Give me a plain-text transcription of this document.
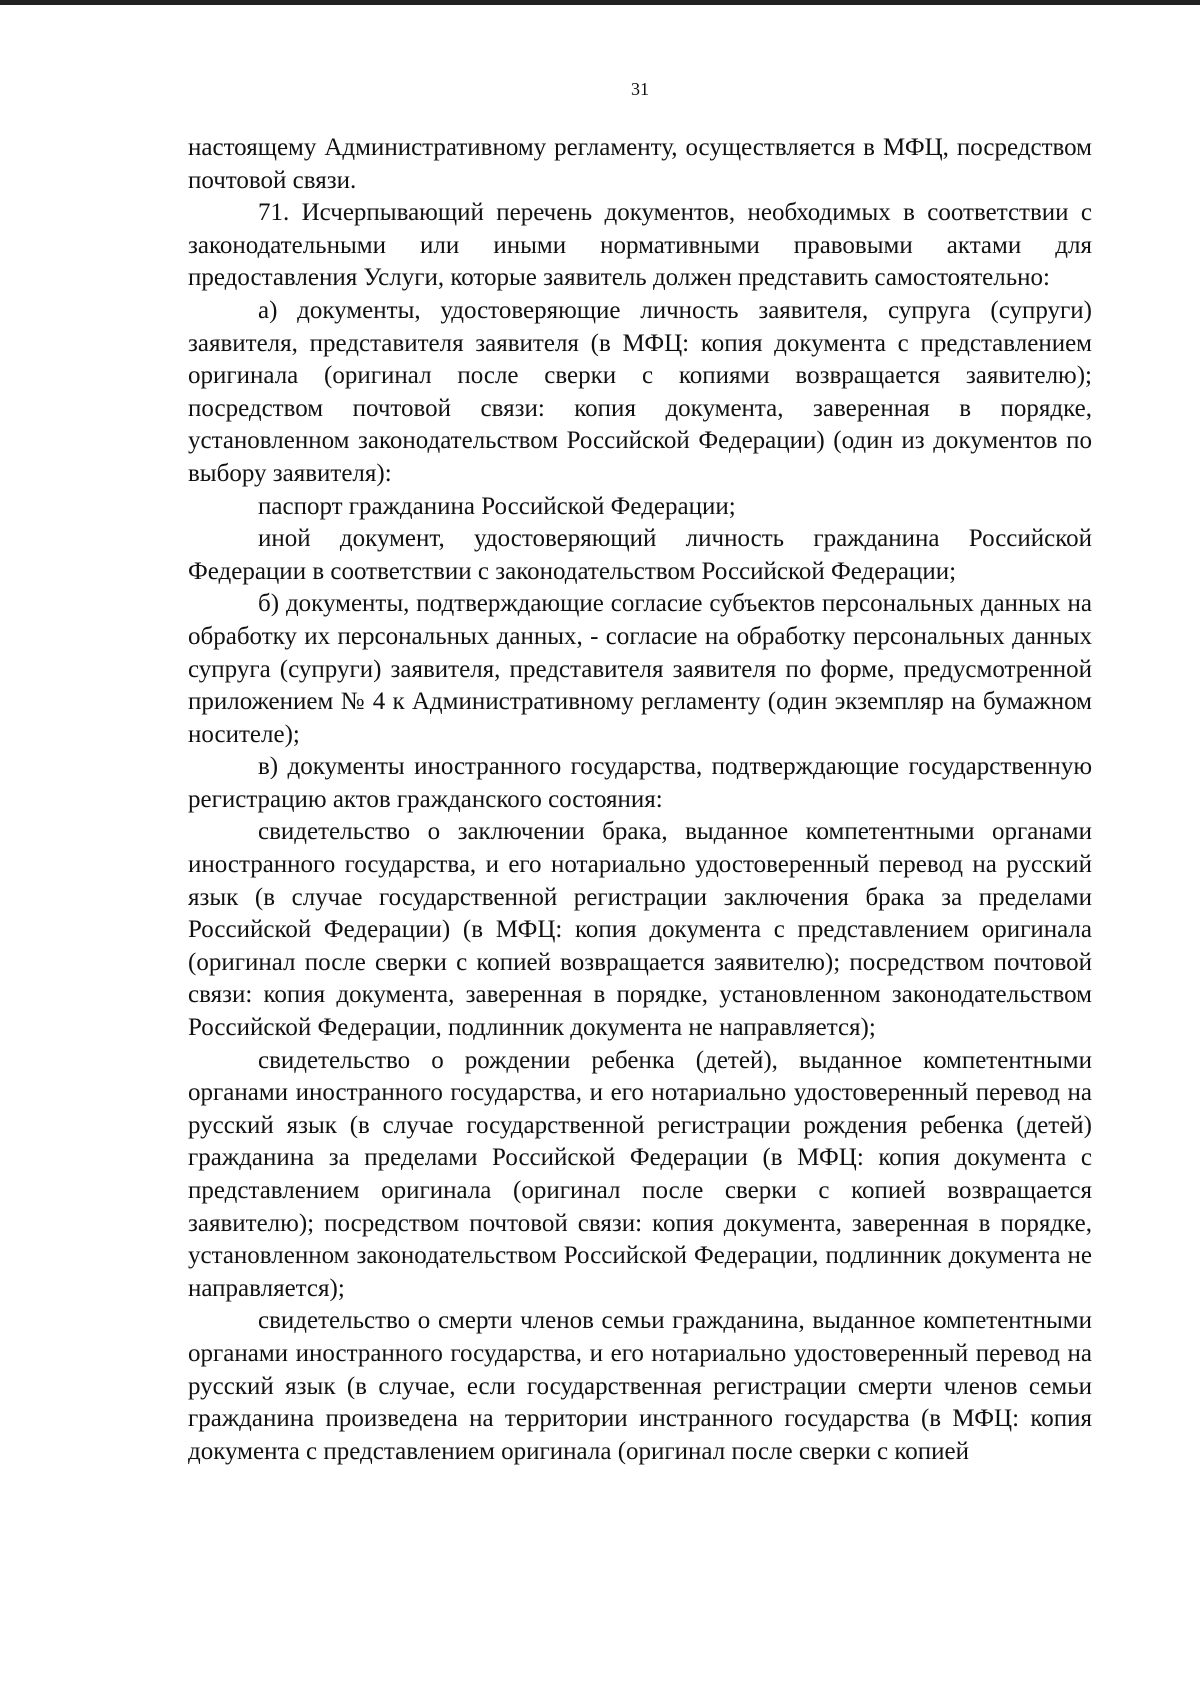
31

настоящему Административному регламенту, осуществляется в МФЦ, посредством почтовой связи.

71. Исчерпывающий перечень документов, необходимых в соответствии с законодательными или иными нормативными правовыми актами для предоставления Услуги, которые заявитель должен представить самостоятельно:

а) документы, удостоверяющие личность заявителя, супруга (супруги) заявителя, представителя заявителя (в МФЦ: копия документа с представлением оригинала (оригинал после сверки с копиями возвращается заявителю); посредством почтовой связи: копия документа, заверенная в порядке, установленном законодательством Российской Федерации) (один из документов по выбору заявителя):

паспорт гражданина Российской Федерации;

иной документ, удостоверяющий личность гражданина Российской Федерации в соответствии с законодательством Российской Федерации;

б) документы, подтверждающие согласие субъектов персональных данных на обработку их персональных данных, - согласие на обработку персональных данных супруга (супруги) заявителя, представителя заявителя по форме, предусмотренной приложением № 4 к Административному регламенту (один экземпляр на бумажном носителе);

в) документы иностранного государства, подтверждающие государственную регистрацию актов гражданского состояния:

свидетельство о заключении брака, выданное компетентными органами иностранного государства, и его нотариально удостоверенный перевод на русский язык (в случае государственной регистрации заключения брака за пределами Российской Федерации) (в МФЦ: копия документа с представлением оригинала (оригинал после сверки с копией возвращается заявителю); посредством почтовой связи: копия документа, заверенная в порядке, установленном законодательством Российской Федерации, подлинник документа не направляется);

свидетельство о рождении ребенка (детей), выданное компетентными органами иностранного государства, и его нотариально удостоверенный перевод на русский язык (в случае государственной регистрации рождения ребенка (детей) гражданина за пределами Российской Федерации (в МФЦ: копия документа с представлением оригинала (оригинал после сверки с копией возвращается заявителю); посредством почтовой связи: копия документа, заверенная в порядке, установленном законодательством Российской Федерации, подлинник документа не направляется);

свидетельство о смерти членов семьи гражданина, выданное компетентными органами иностранного государства, и его нотариально удостоверенный перевод на русский язык (в случае, если государственная регистрации смерти членов семьи гражданина произведена на территории инстранного государства (в МФЦ: копия документа с представлением оригинала (оригинал после сверки с копией
